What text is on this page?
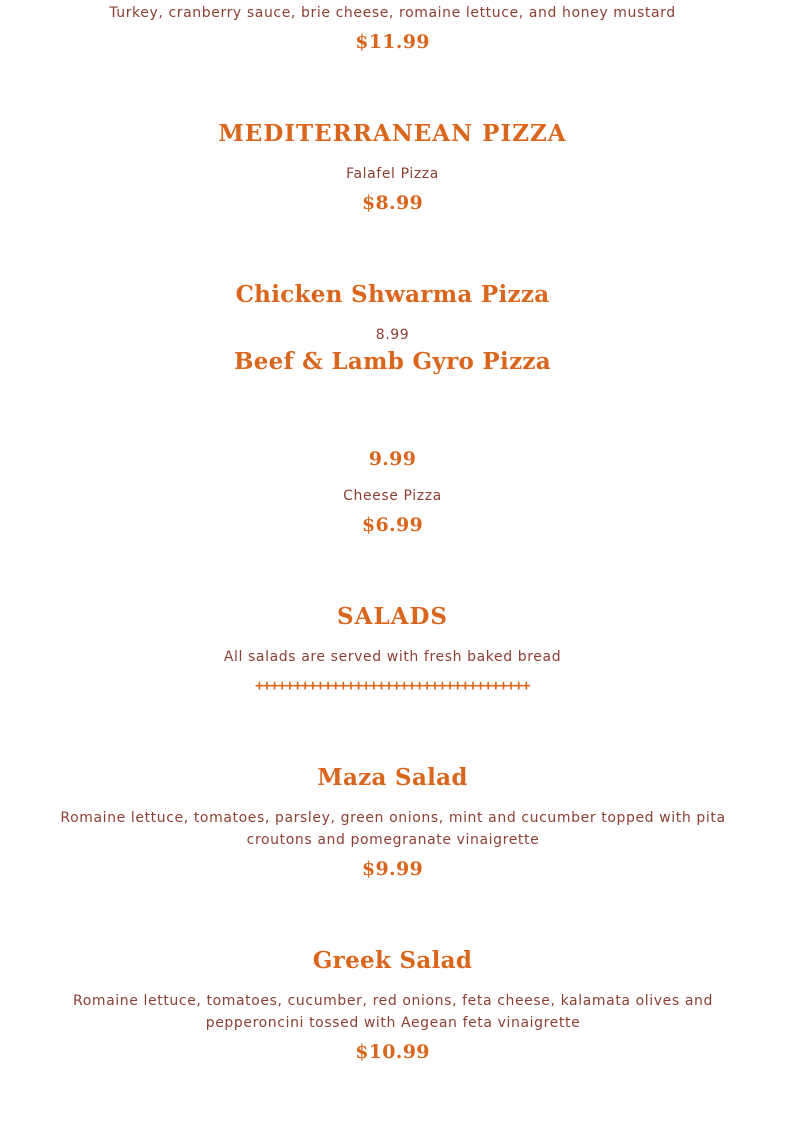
Turkey, cranberry sauce, brie cheese, romaine lettuce, and honey mustard
$11.99
MEDITERRANEAN PIZZA
Falafel Pizza
$8.99
Chicken Shwarma Pizza
8.99
Beef & Lamb Gyro Pizza
9.99
Cheese Pizza
$6.99
SALADS
All salads are served with fresh baked bread
++++++++++++++++++++++++++++++++++++
Maza Salad
Romaine lettuce, tomatoes, parsley, green onions, mint and cucumber topped with pita croutons and pomegranate vinaigrette
$9.99
Greek Salad
Romaine lettuce, tomatoes, cucumber, red onions, feta cheese, kalamata olives and pepperoncini tossed with Aegean feta vinaigrette
$10.99
